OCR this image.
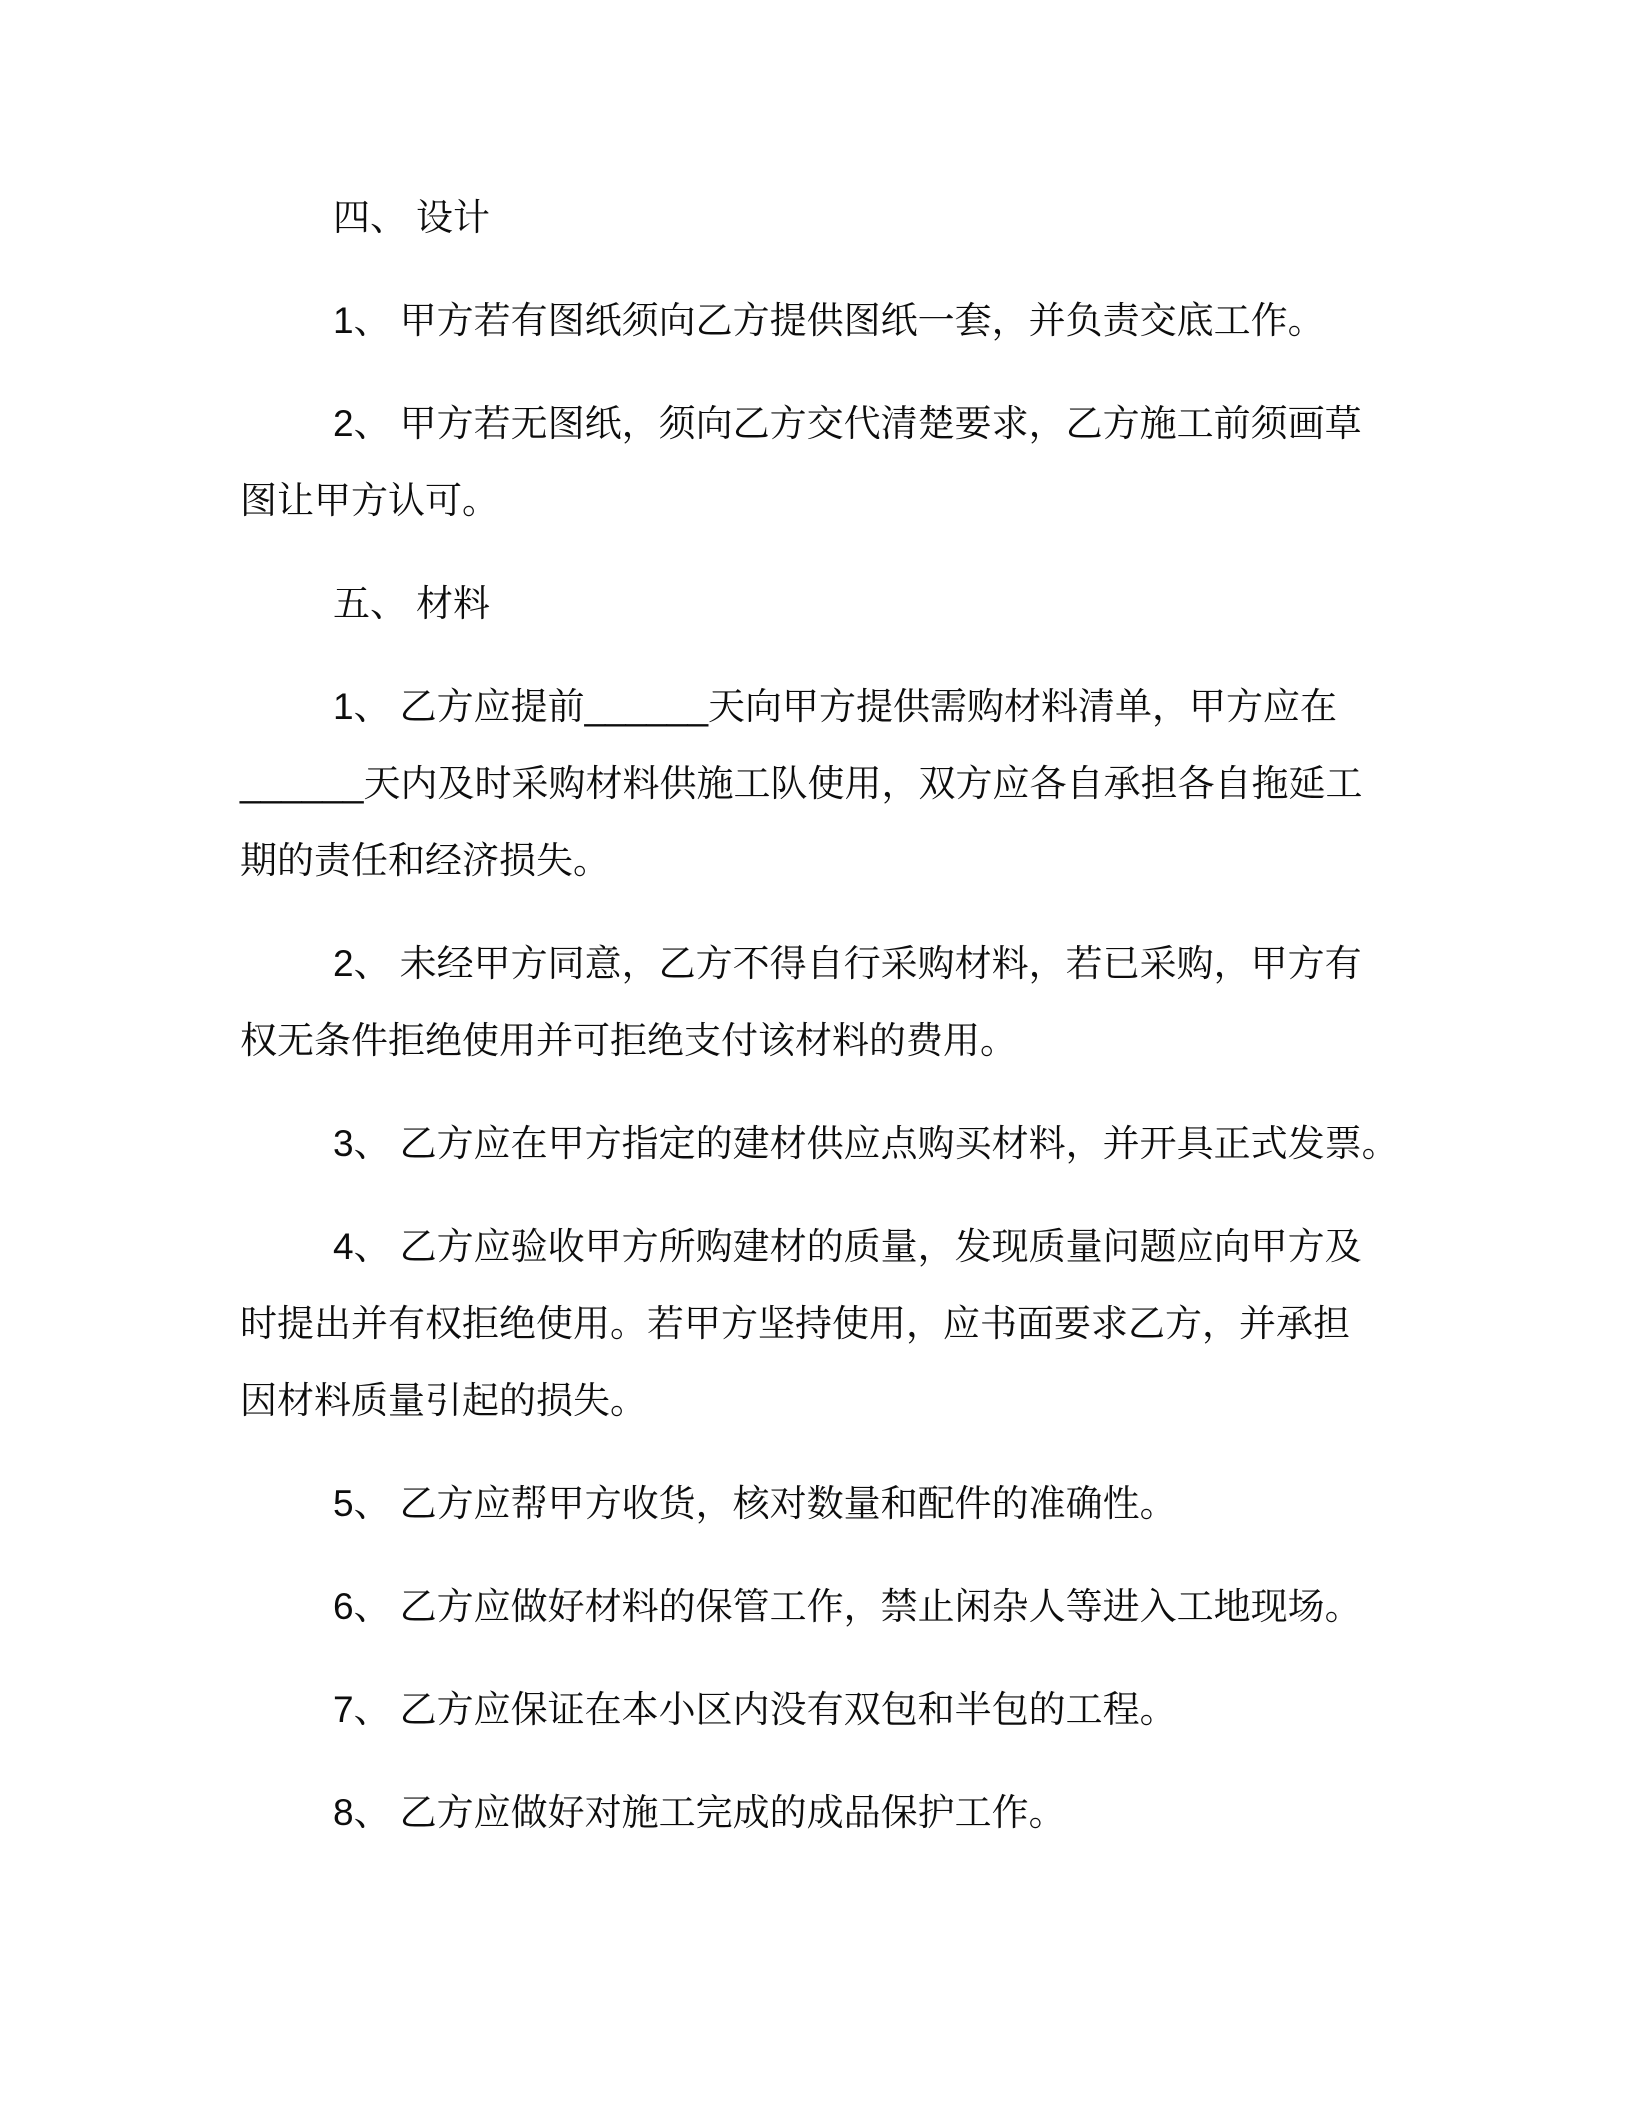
四、 设计
1、 甲方若有图纸须向乙方提供图纸一套，并负责交底工作。
2、 甲方若无图纸，须向乙方交代清楚要求，乙方施工前须画草
图让甲方认可。
五、 材料
1、 乙方应提前______天向甲方提供需购材料清单，甲方应在
______天内及时采购材料供施工队使用，双方应各自承担各自拖延工
期的责任和经济损失。
2、 未经甲方同意，乙方不得自行采购材料，若已采购，甲方有
权无条件拒绝使用并可拒绝支付该材料的费用。
3、 乙方应在甲方指定的建材供应点购买材料，并开具正式发票。
4、 乙方应验收甲方所购建材的质量，发现质量问题应向甲方及
时提出并有权拒绝使用。若甲方坚持使用，应书面要求乙方，并承担
因材料质量引起的损失。
5、 乙方应帮甲方收货，核对数量和配件的准确性。
6、 乙方应做好材料的保管工作，禁止闲杂人等进入工地现场。
7、 乙方应保证在本小区内没有双包和半包的工程。
8、 乙方应做好对施工完成的成品保护工作。
